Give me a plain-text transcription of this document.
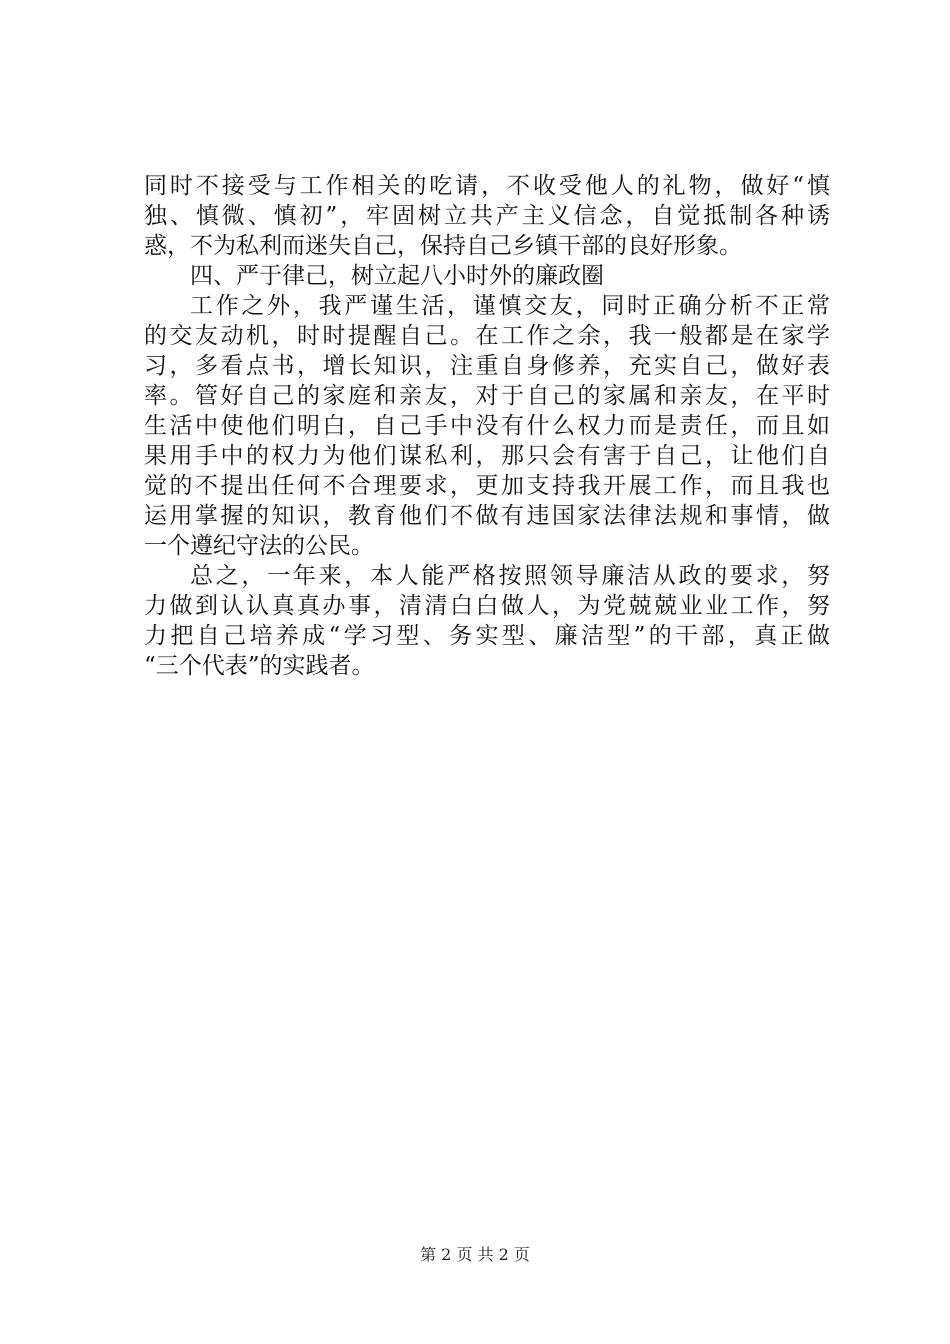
同时不接受与工作相关的吃请，不收受他人的礼物，做好“慎
独、慎微、慎初”，牢固树立共产主义信念，自觉抵制各种诱
惑，不为私利而迷失自己，保持自己乡镇干部的良好形象。
四、严于律己，树立起八小时外的廉政圈
工作之外，我严谨生活，谨慎交友，同时正确分析不正常
的交友动机，时时提醒自己。在工作之余，我一般都是在家学
习，多看点书，增长知识，注重自身修养，充实自己，做好表
率。管好自己的家庭和亲友，对于自己的家属和亲友，在平时
生活中使他们明白，自己手中没有什么权力而是责任，而且如
果用手中的权力为他们谋私利，那只会有害于自己，让他们自
觉的不提出任何不合理要求，更加支持我开展工作，而且我也
运用掌握的知识，教育他们不做有违国家法律法规和事情，做
一个遵纪守法的公民。
总之，一年来，本人能严格按照领导廉洁从政的要求，努
力做到认认真真办事，清清白白做人，为党兢兢业业工作，努
力把自己培养成“学习型、务实型、廉洁型”的干部，真正做
“三个代表”的实践者。
第 2 页 共 2 页
